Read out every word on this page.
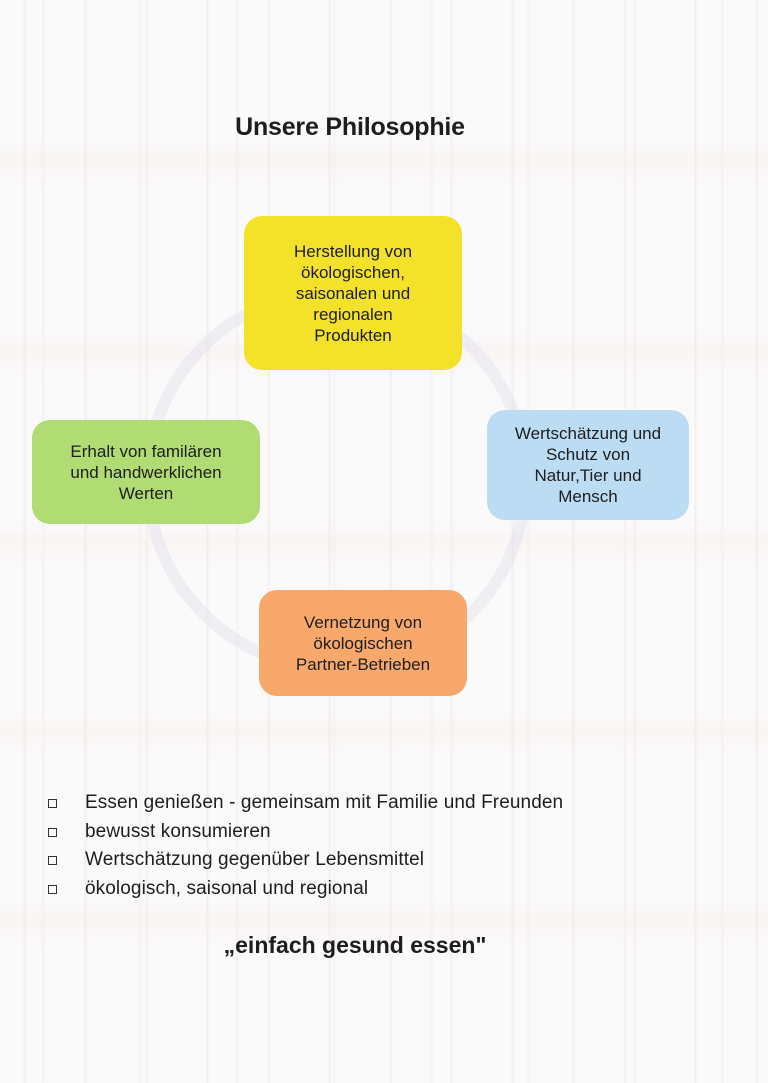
Unsere Philosophie
Herstellung von
ökologischen,
saisonalen und
regionalen
Produkten
Wertschätzung und
Schutz von
Natur,Tier und
Mensch
Vernetzung von
ökologischen
Partner-Betrieben
Erhalt von familären
und handwerklichen
Werten
Essen genießen - gemeinsam mit Familie und Freunden
bewusst konsumieren
Wertschätzung gegenüber Lebensmittel
ökologisch, saisonal und regional
„einfach gesund essen"
